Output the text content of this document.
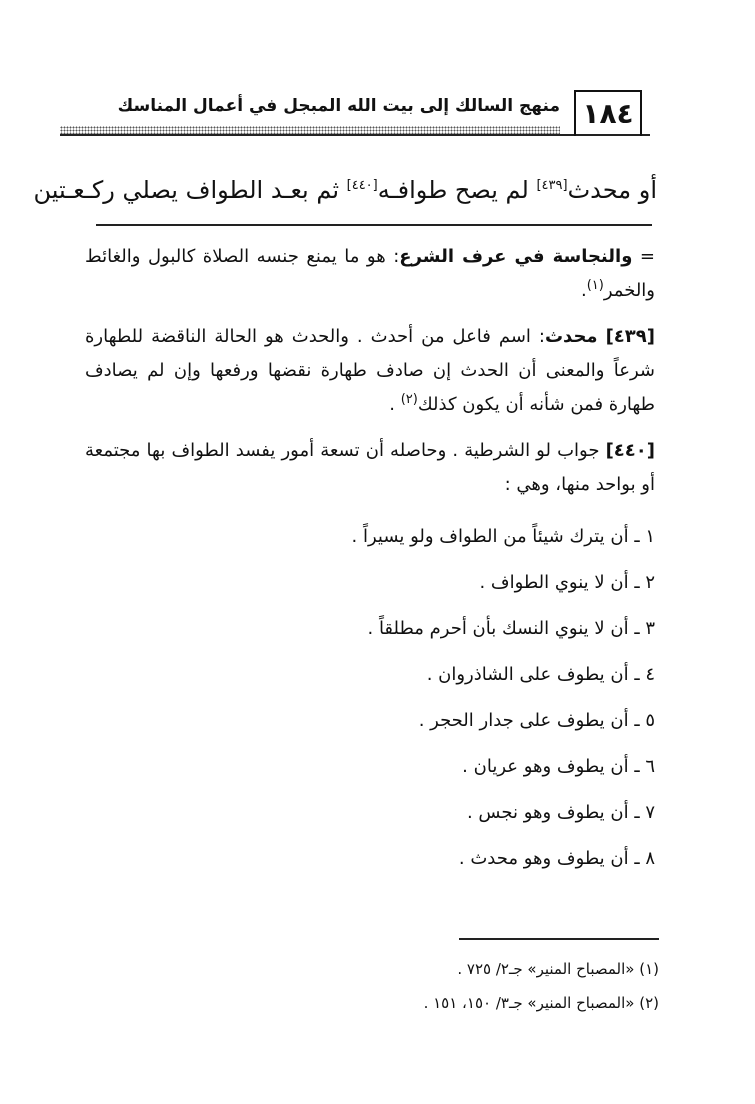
١٨٤
منهج السالك إلى بيت الله المبجل في أعمال المناسك
أو محدث[٤٣٩] لم يصح طوافـه[٤٤٠] ثم بعـد الطواف يصلي ركـعـتين

= والنجاسة في عرف الشرع: هو ما يمنع جنسه الصلاة كالبول والغائط والخمر$^{(١)}$.

[٤٣٩] محدث: اسم فاعل من أحدث . والحدث هو الحالة الناقضة للطهارة شرعاً والمعنى أن الحدث إن صادف طهارة نقضها ورفعها وإن لم يصادف طهارة فمن شأنه أن يكون كذلك$^{(٢)}$ .

[٤٤٠] جواب لو الشرطية . وحاصله أن تسعة أمور يفسد الطواف بها مجتمعة أو بواحد منها، وهي :

١ ـ أن يترك شيئاً من الطواف ولو يسيراً .
٢ ـ أن لا ينوي الطواف .
٣ ـ أن لا ينوي النسك بأن أحرم مطلقاً .
٤ ـ أن يطوف على الشاذروان .
٥ ـ أن يطوف على جدار الحجر .
٦ ـ أن يطوف وهو عريان .
٧ ـ أن يطوف وهو نجس .
٨ ـ أن يطوف وهو محدث .
(١) «المصباح المنير» جـ٢/ ٧٢٥ .
(٢) «المصباح المنير» جـ٣/ ١٥٠، ١٥١ .
